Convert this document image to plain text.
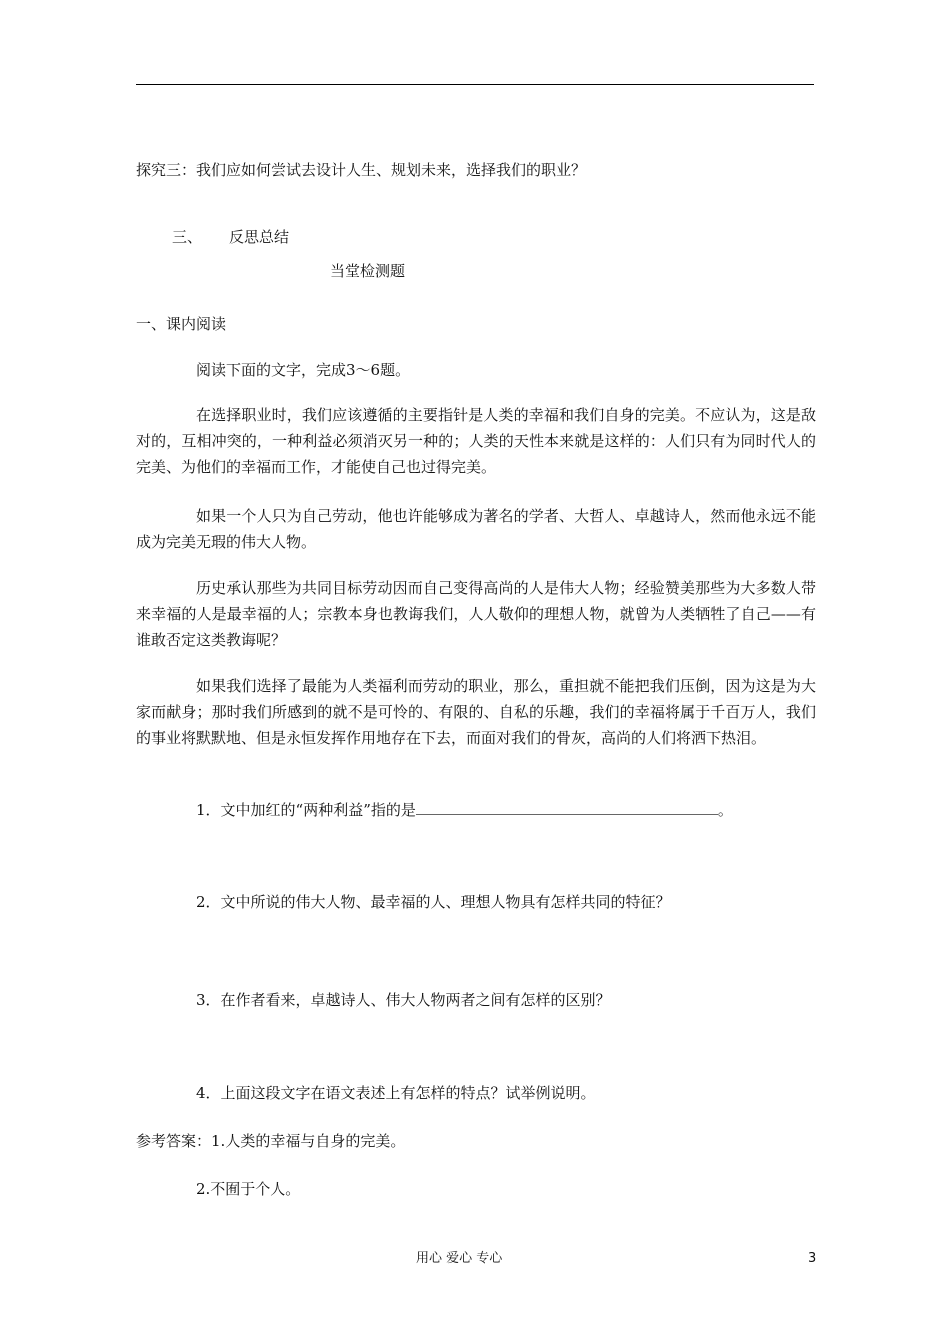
探究三：我们应如何尝试去设计人生、规划未来，选择我们的职业？
三、 反思总结
当堂检测题
一、课内阅读
阅读下面的文字，完成3～6题。
在选择职业时，我们应该遵循的主要指针是人类的幸福和我们自身的完美。不应认为，这是敌对的，互相冲突的，一种利益必须消灭另一种的；人类的天性本来就是这样的：人们只有为同时代人的完美、为他们的幸福而工作，才能使自己也过得完美。
如果一个人只为自己劳动，他也许能够成为著名的学者、大哲人、卓越诗人，然而他永远不能成为完美无瑕的伟大人物。
历史承认那些为共同目标劳动因而自己变得高尚的人是伟大人物；经验赞美那些为大多数人带来幸福的人是最幸福的人；宗教本身也教诲我们，人人敬仰的理想人物，就曾为人类牺牲了自己——有谁敢否定这类教诲呢？
如果我们选择了最能为人类福利而劳动的职业，那么，重担就不能把我们压倒，因为这是为大家而献身；那时我们所感到的就不是可怜的、有限的、自私的乐趣，我们的幸福将属于千百万人，我们的事业将默默地、但是永恒发挥作用地存在下去，而面对我们的骨灰，高尚的人们将洒下热泪。
1．文中加红的“两种利益”指的是	。
2．文中所说的伟大人物、最幸福的人、理想人物具有怎样共同的特征？
3．在作者看来，卓越诗人、伟大人物两者之间有怎样的区别？
4．上面这段文字在语文表述上有怎样的特点？试举例说明。
参考答案：1.人类的幸福与自身的完美。
2.不囿于个人。
用心 爱心 专心	3
